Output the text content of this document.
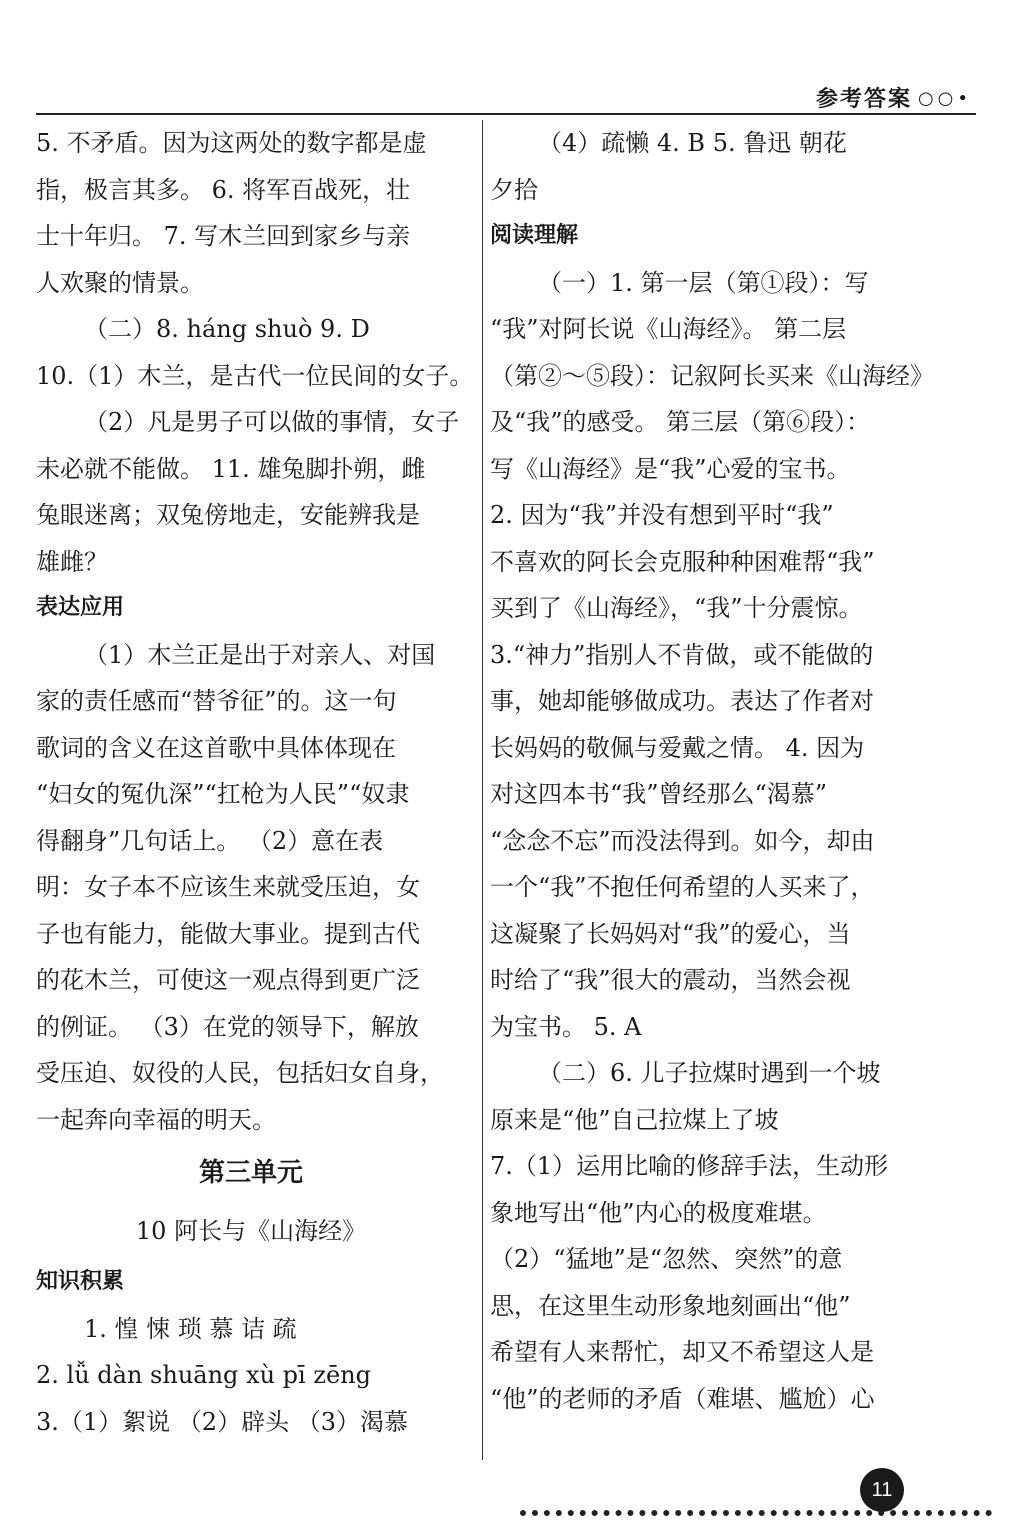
参考答案 ○○•

5. 不矛盾。因为这两处的数字都是虚

指，极言其多。 6. 将军百战死，壮

士十年归。 7. 写木兰回到家乡与亲

人欢聚的情景。

（二）8. háng shuò 9. D

10.（1）木兰，是古代一位民间的女子。

（2）凡是男子可以做的事情，女子

未必就不能做。 11. 雄兔脚扑朔，雌

兔眼迷离；双兔傍地走，安能辨我是

雄雌？

表达应用

（1）木兰正是出于对亲人、对国

家的责任感而“替爷征”的。这一句

歌词的含义在这首歌中具体体现在

“妇女的冤仇深”“扛枪为人民”“奴隶

得翻身”几句话上。 （2）意在表

明：女子本不应该生来就受压迫，女

子也有能力，能做大事业。提到古代

的花木兰，可使这一观点得到更广泛

的例证。 （3）在党的领导下，解放

受压迫、奴役的人民，包括妇女自身，

一起奔向幸福的明天。

第三单元

10 阿长与《山海经》

知识积累

1. 惶 悚 琐 慕 诘 疏

2. lǚ dàn shuāng xù pī zēng

3.（1）絮说 （2）辟头 （3）渴慕

（4）疏懒 4. B 5. 鲁迅 朝花

夕拾

阅读理解

（一）1. 第一层（第①段）：写

“我”对阿长说《山海经》。 第二层

（第②～⑤段）：记叙阿长买来《山海经》

及“我”的感受。 第三层（第⑥段）：

写《山海经》是“我”心爱的宝书。

2. 因为“我”并没有想到平时“我”

不喜欢的阿长会克服种种困难帮“我”

买到了《山海经》，“我”十分震惊。

3.“神力”指别人不肯做，或不能做的

事，她却能够做成功。表达了作者对

长妈妈的敬佩与爱戴之情。 4. 因为

对这四本书“我”曾经那么“渴慕”

“念念不忘”而没法得到。如今，却由

一个“我”不抱任何希望的人买来了，

这凝聚了长妈妈对“我”的爱心，当

时给了“我”很大的震动，当然会视

为宝书。 5. A

（二）6. 儿子拉煤时遇到一个坡

原来是“他”自己拉煤上了坡

7.（1）运用比喻的修辞手法，生动形

象地写出“他”内心的极度难堪。

（2）“猛地”是“忽然、突然”的意

思，在这里生动形象地刻画出“他”

希望有人来帮忙，却又不希望这人是

“他”的老师的矛盾（难堪、尴尬）心

11
